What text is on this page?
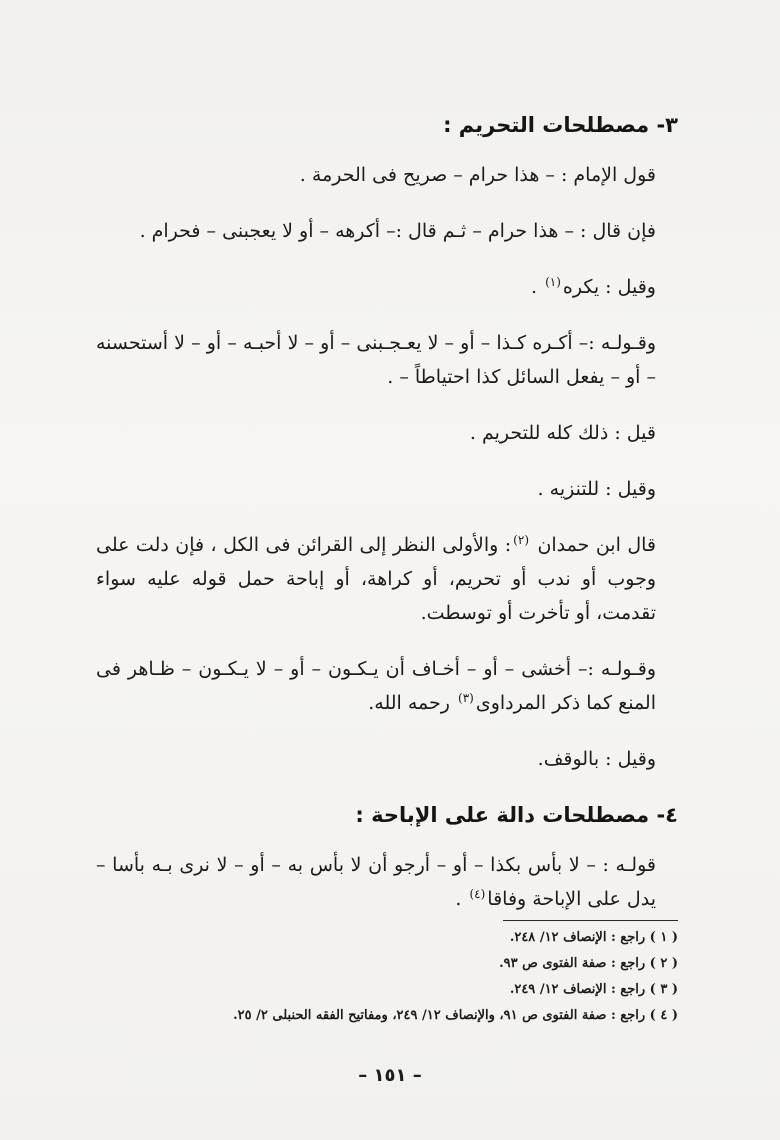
٣- مصطلحات التحريم :

قول الإمام : – هذا حرام – صريح فى الحرمة .

فإن قال : – هذا حرام – ثـم قال :– أكرهه – أو لا يعجبنى – فحرام .

وقيل : يكره$^{(١)}$ .

وقـولـه :– أكـره كـذا – أو – لا يعـجـبنى – أو – لا أحبـه – أو – لا أستحسنه – أو – يفعل السائل كذا احتياطاً – .

قيل : ذلك كله للتحريم .

وقيل : للتنزيه .

قال ابن حمدان $^{(٢)}$: والأولى النظر إلى القرائن فى الكل ، فإن دلت على وجوب أو ندب أو تحريم، أو كراهة، أو إباحة حمل قوله عليه سواء تقدمت، أو تأخرت أو توسطت.

وقـولـه :– أخشى – أو – أخـاف أن يـكـون – أو – لا يـكـون – ظـاهر فى المنع كما ذكر المرداوى$^{(٣)}$ رحمه الله.

وقيل : بالوقف.

٤- مصطلحات دالة على الإباحة :

قولـه : – لا بأس بكذا – أو – أرجو أن لا بأس به – أو – لا نرى بـه بأسا – يدل على الإباحة وفاقا$^{(٤)}$ .

( ١ ) راجع : الإنصاف ١٢/ ٢٤٨.
( ٢ ) راجع : صفة الفتوى ص ٩٣.
( ٣ ) راجع : الإنصاف ١٢/ ٢٤٩.
( ٤ ) راجع : صفة الفتوى ص ٩١، والإنصاف ١٢/ ٢٤٩، ومفاتيح الفقه الحنبلى ٢/ ٢٥.
– ١٥١ –
